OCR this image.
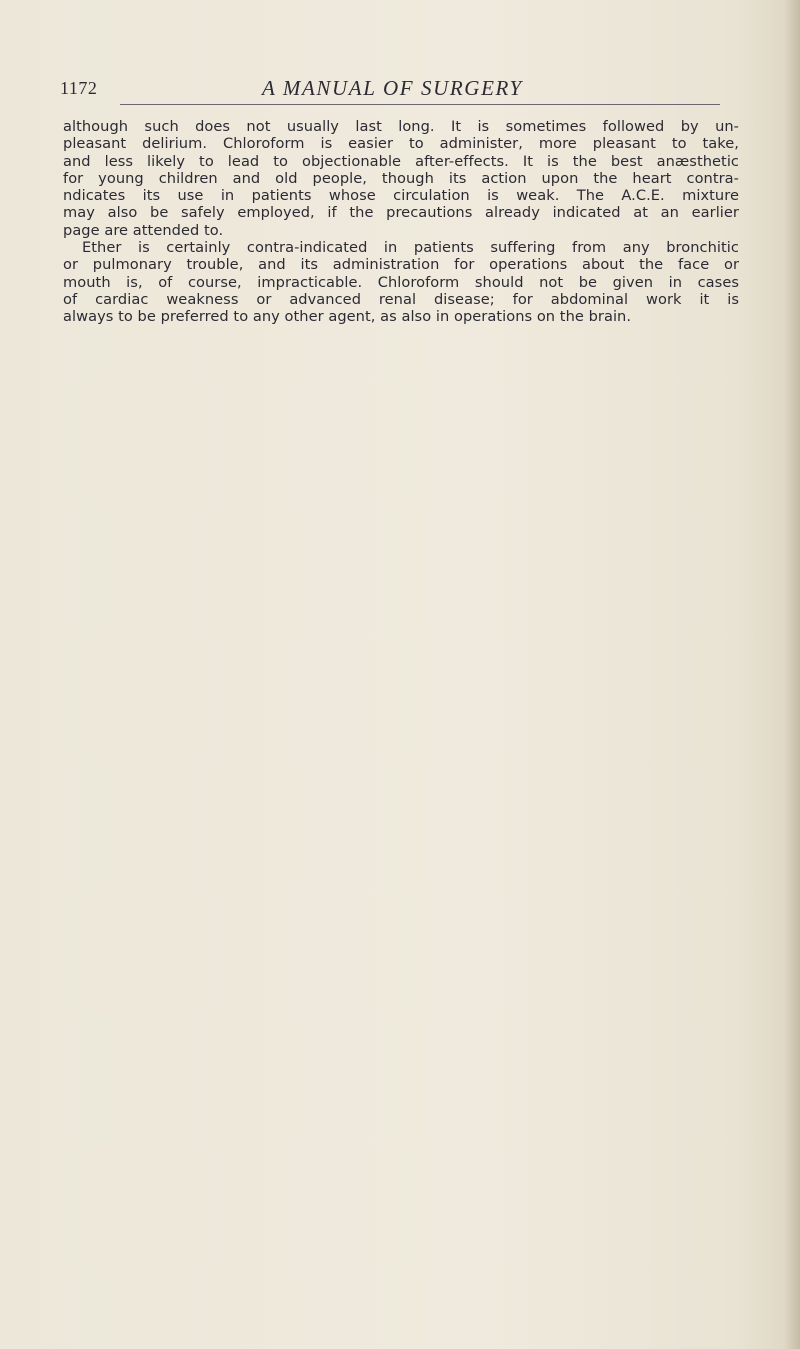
1172	A MANUAL OF SURGERY
although such does not usually last long. It is sometimes followed by un-
pleasant delirium. Chloroform is easier to administer, more pleasant to take,
and less likely to lead to objectionable after-effects. It is the best anæsthetic
for young children and old people, though its action upon the heart contra-
ndicates its use in patients whose circulation is weak. The A.C.E. mixture
may also be safely employed, if the precautions already indicated at an earlier
page are attended to.
Ether is certainly contra-indicated in patients suffering from any bronchitic
or pulmonary trouble, and its administration for operations about the face or
mouth is, of course, impracticable. Chloroform should not be given in cases
of cardiac weakness or advanced renal disease; for abdominal work it is
always to be preferred to any other agent, as also in operations on the brain.
